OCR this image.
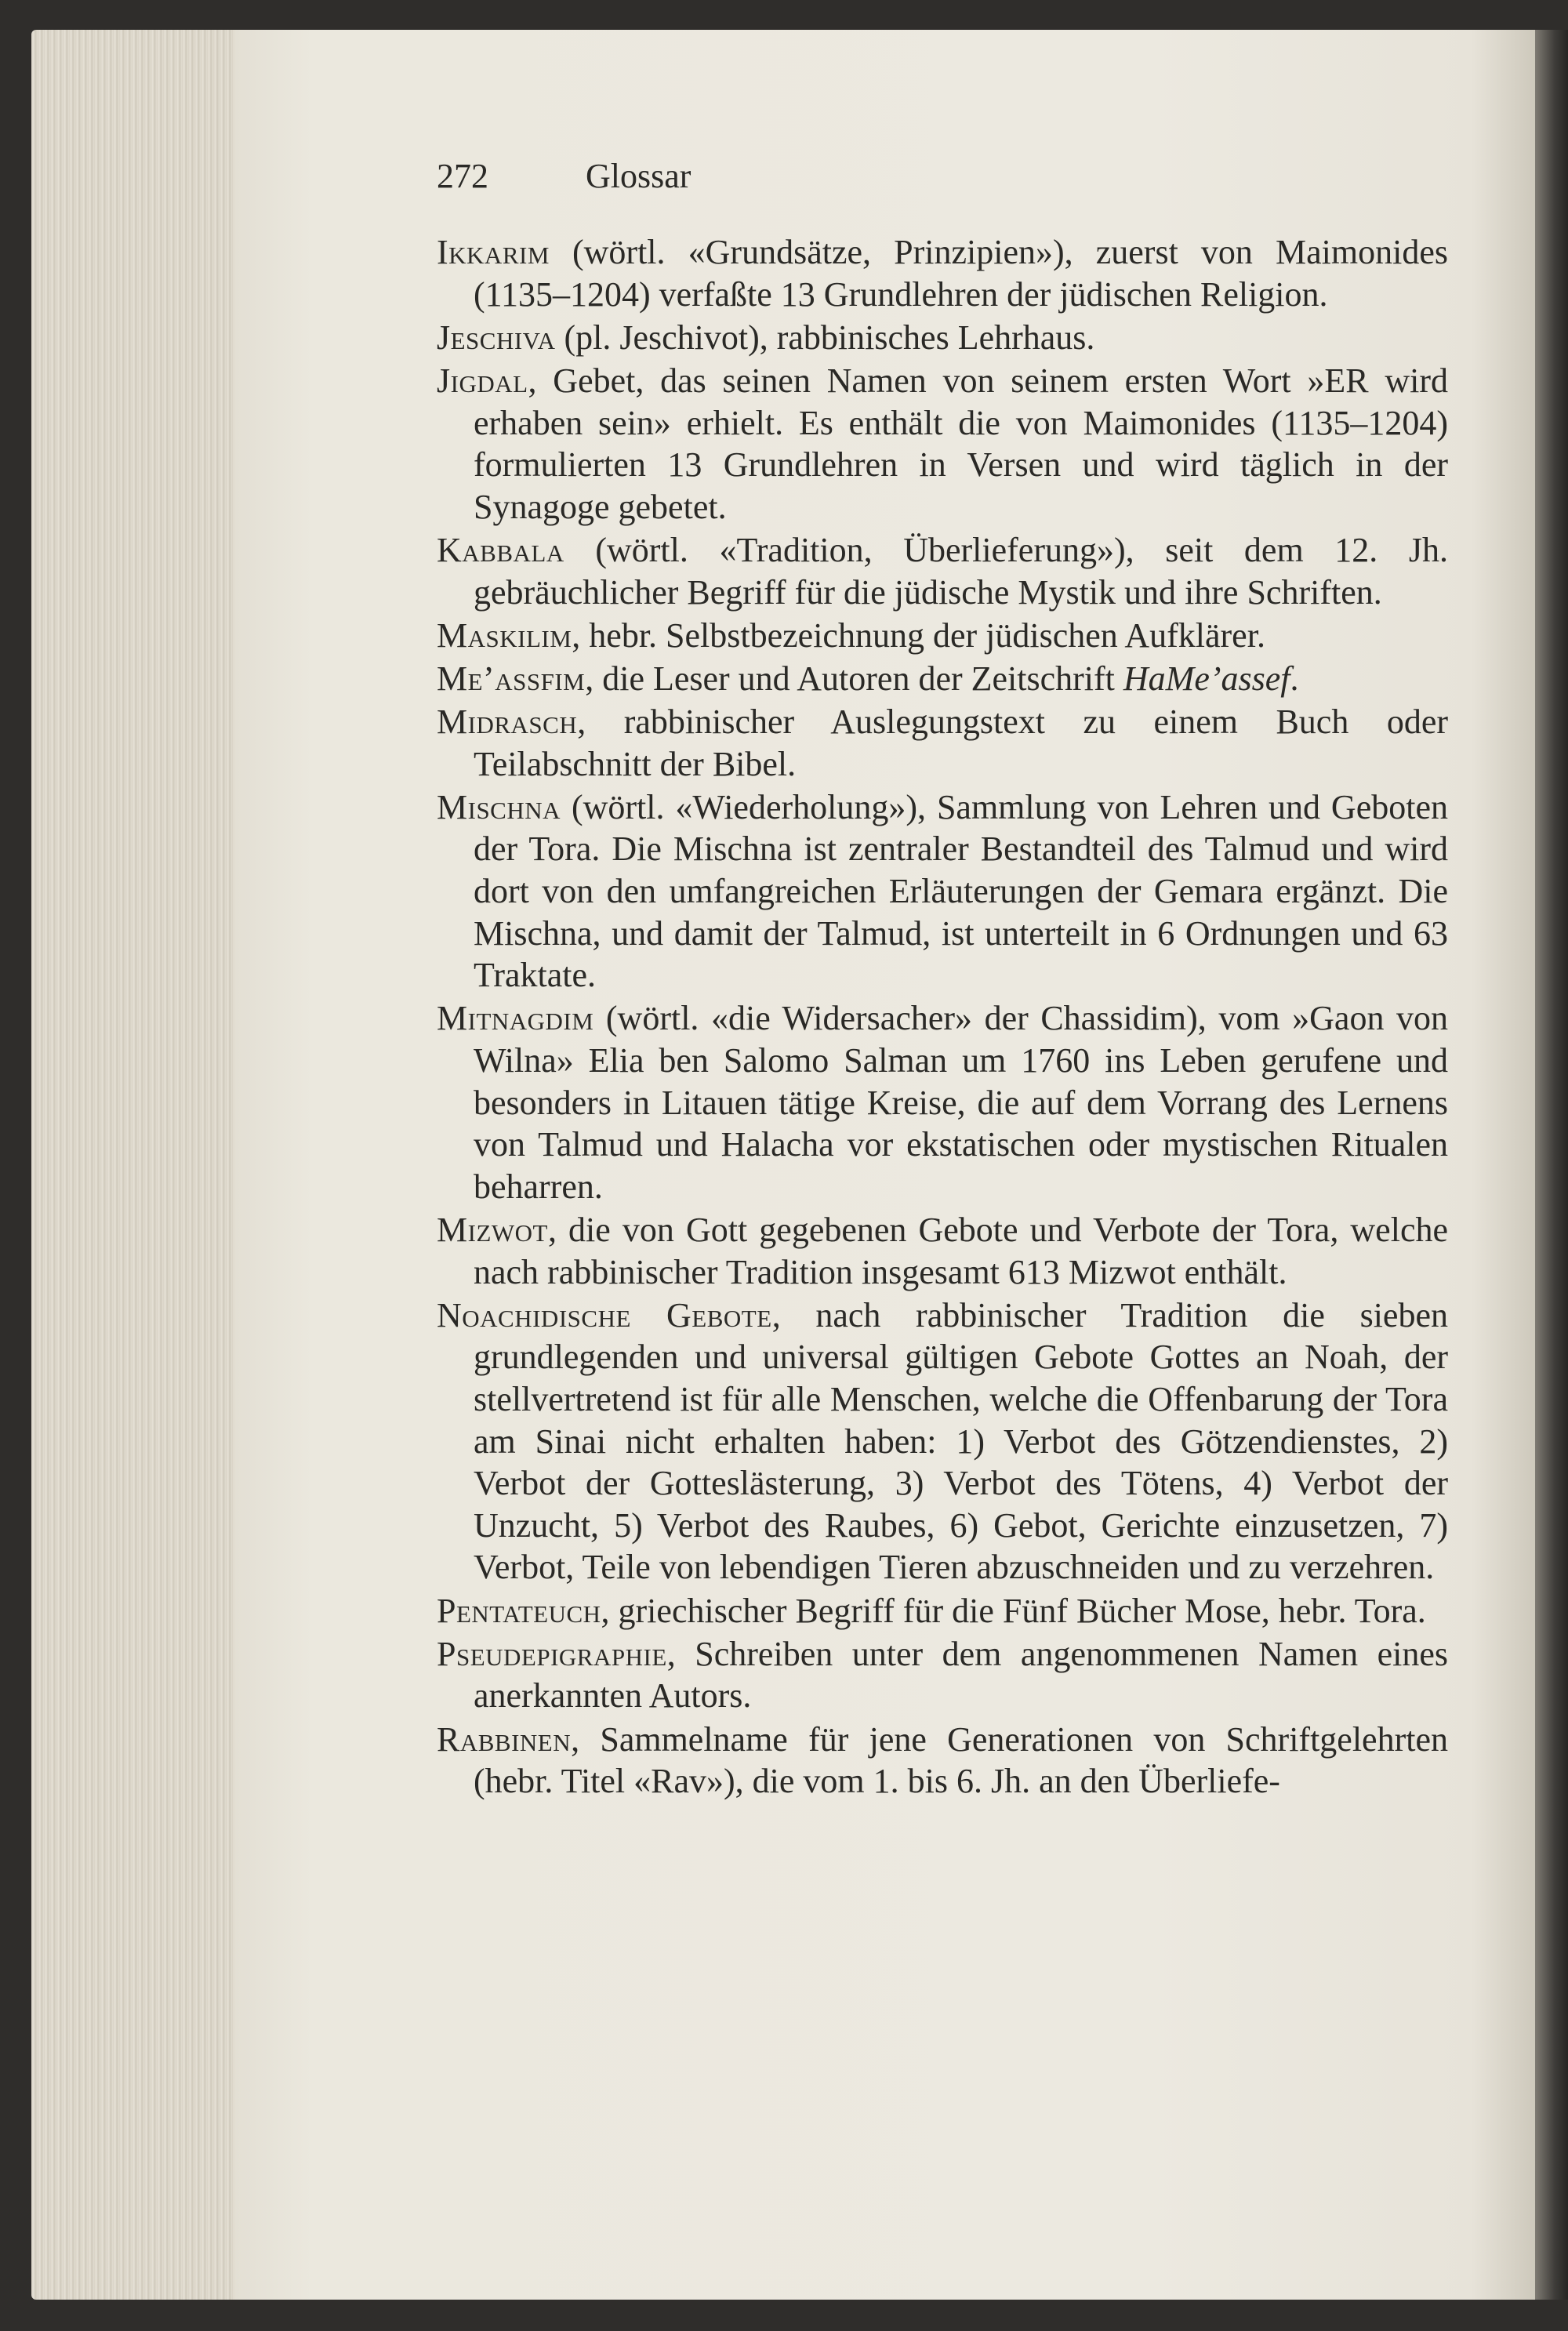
272	Glossar

Ikkarim (wörtl. «Grundsätze, Prinzipien»), zuerst von Maimonides (1135–1204) verfaßte 13 Grundlehren der jüdischen Religion.

Jeschiva (pl. Jeschivot), rabbinisches Lehrhaus.

Jigdal, Gebet, das seinen Namen von seinem ersten Wort »ER wird erhaben sein» erhielt. Es enthält die von Maimonides (1135–1204) formulierten 13 Grundlehren in Versen und wird täglich in der Synagoge gebetet.

Kabbala (wörtl. «Tradition, Überlieferung»), seit dem 12. Jh. gebräuchlicher Begriff für die jüdische Mystik und ihre Schriften.

Maskilim, hebr. Selbstbezeichnung der jüdischen Aufklärer.

Me’assfim, die Leser und Autoren der Zeitschrift HaMe’assef.

Midrasch, rabbinischer Auslegungstext zu einem Buch oder Teilabschnitt der Bibel.

Mischna (wörtl. «Wiederholung»), Sammlung von Lehren und Geboten der Tora. Die Mischna ist zentraler Bestandteil des Talmud und wird dort von den umfangreichen Erläuterungen der Gemara ergänzt. Die Mischna, und damit der Talmud, ist unterteilt in 6 Ordnungen und 63 Traktate.

Mitnagdim (wörtl. «die Widersacher» der Chassidim), vom »Gaon von Wilna» Elia ben Salomo Salman um 1760 ins Leben gerufene und besonders in Litauen tätige Kreise, die auf dem Vorrang des Lernens von Talmud und Halacha vor ekstatischen oder mystischen Ritualen beharren.

Mizwot, die von Gott gegebenen Gebote und Verbote der Tora, welche nach rabbinischer Tradition insgesamt 613 Mizwot enthält.

Noachidische Gebote, nach rabbinischer Tradition die sieben grundlegenden und universal gültigen Gebote Gottes an Noah, der stellvertretend ist für alle Menschen, welche die Offenbarung der Tora am Sinai nicht erhalten haben: 1) Verbot des Götzendienstes, 2) Verbot der Gotteslästerung, 3) Verbot des Tötens, 4) Verbot der Unzucht, 5) Verbot des Raubes, 6) Gebot, Gerichte einzusetzen, 7) Verbot, Teile von lebendigen Tieren abzuschneiden und zu verzehren.

Pentateuch, griechischer Begriff für die Fünf Bücher Mose, hebr. Tora.

Pseudepigraphie, Schreiben unter dem angenommenen Namen eines anerkannten Autors.

Rabbinen, Sammelname für jene Generationen von Schriftgelehrten (hebr. Titel «Rav»), die vom 1. bis 6. Jh. an den Überliefe-
